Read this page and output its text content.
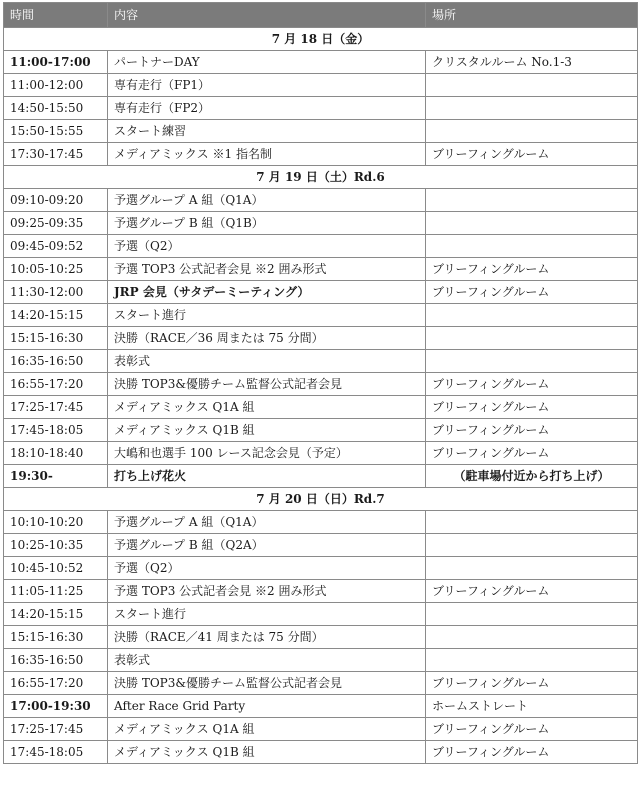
時間	内容	場所
7 月 18 日（金）		
11:00-17:00	パートナーDAY	クリスタルルーム No.1-3
11:00-12:00	専有走行（FP1）	
14:50-15:50	専有走行（FP2）	
15:50-15:55	スタート練習	
17:30-17:45	メディアミックス ※1 指名制	ブリーフィングルーム
7 月 19 日（土）Rd.6		
09:10-09:20	予選グループ A 組（Q1A）	
09:25-09:35	予選グループ B 組（Q1B）	
09:45-09:52	予選（Q2）	
10:05-10:25	予選 TOP3 公式記者会見 ※2 囲み形式	ブリーフィングルーム
11:30-12:00	JRP 会見（サタデーミーティング）	ブリーフィングルーム
14:20-15:15	スタート進行	
15:15-16:30	決勝（RACE／36 周または 75 分間）	
16:35-16:50	表彰式	
16:55-17:20	決勝 TOP3&優勝チーム監督公式記者会見	ブリーフィングルーム
17:25-17:45	メディアミックス Q1A 組	ブリーフィングルーム
17:45-18:05	メディアミックス Q1B 組	ブリーフィングルーム
18:10-18:40	大嶋和也選手 100 レース記念会見（予定）	ブリーフィングルーム
19:30-	打ち上げ花火	（駐車場付近から打ち上げ）
7 月 20 日（日）Rd.7		
10:10-10:20	予選グループ A 組（Q1A）	
10:25-10:35	予選グループ B 組（Q2A）	
10:45-10:52	予選（Q2）	
11:05-11:25	予選 TOP3 公式記者会見 ※2 囲み形式	ブリーフィングルーム
14:20-15:15	スタート進行	
15:15-16:30	決勝（RACE／41 周または 75 分間）	
16:35-16:50	表彰式	
16:55-17:20	決勝 TOP3&優勝チーム監督公式記者会見	ブリーフィングルーム
17:00-19:30	After Race Grid Party	ホームストレート
17:25-17:45	メディアミックス Q1A 組	ブリーフィングルーム
17:45-18:05	メディアミックス Q1B 組	ブリーフィングルーム
